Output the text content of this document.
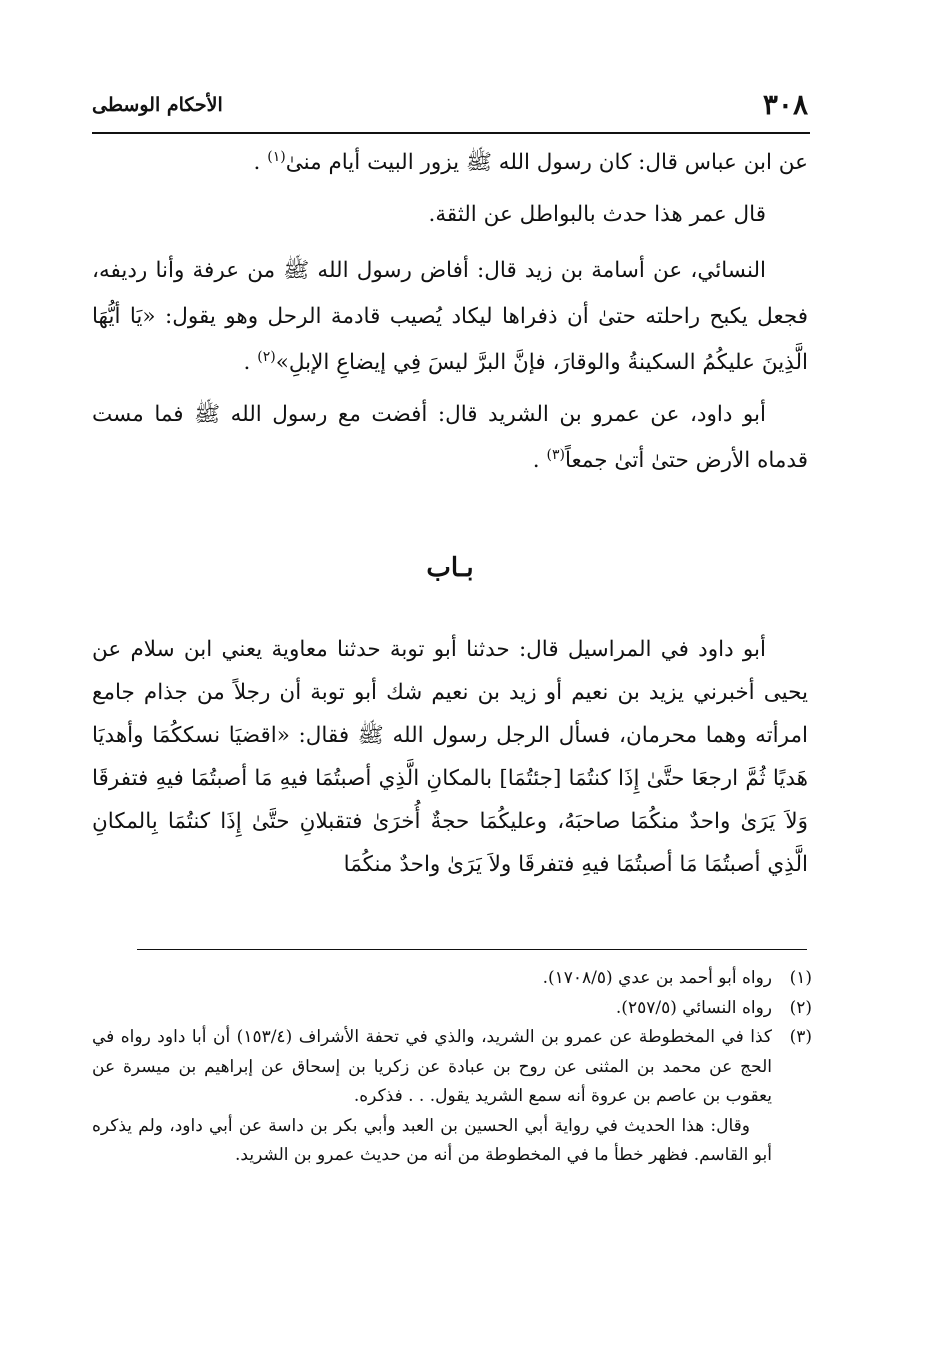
٣٠٨
الأحكام الوسطى

عن ابن عباس قال: كان رسول الله ﷺ يزور البيت أيام منىٰ$^{(١)}$ .

قال عمر هذا حدث بالبواطل عن الثقة.

النسائي، عن أسامة بن زيد قال: أفاض رسول الله ﷺ من عرفة وأنا رديفه، فجعل يكبح راحلته حتىٰ أن ذفراها ليكاد يُصيب قادمة الرحل وهو يقول: «يَا أيُّهَا الَّذِينَ عليكُمُ السكينةُ والوقارَ، فإنَّ البرَّ ليسَ فِي إيضاعِ الإبلِ»$^{(٢)}$ .

أبو داود، عن عمرو بن الشريد قال: أفضت مع رسول الله ﷺ فما مست قدماه الأرض حتىٰ أتىٰ جمعاً$^{(٣)}$ .

بـاب

أبو داود في المراسيل قال: حدثنا أبو توبة حدثنا معاوية يعني ابن سلام عن يحيى أخبرني يزيد بن نعيم أو زيد بن نعيم شك أبو توبة أن رجلاً من جذام جامع امرأته وهما محرمان، فسأل الرجل رسول الله ﷺ فقال: «اقضيَا نسككُمَا وأهديَا هَديًا ثُمَّ ارجعَا حتَّىٰ إِذَا كنتُمَا [جئتُمَا] بالمكانِ الَّذِي أصبتُمَا فيهِ مَا أصبتُمَا فيهِ فتفرقَا وَلاَ يَرَىٰ واحدٌ منكُمَا صاحبَهُ، وعليكُمَا حجةٌ أُخرَىٰ فتقبلانِ حتَّىٰ إِذَا كنتُمَا بِالمكانِ الَّذِي أصبتُمَا مَا أصبتُمَا فيهِ فتفرقَا ولاَ يَرَىٰ واحدٌ منكُمَا

(١)
رواه أبو أحمد بن عدي (١٧٠٨/٥).
(٢)
رواه النسائي (٢٥٧/٥).
(٣)
كذا في المخطوطة عن عمرو بن الشريد، والذي في تحفة الأشراف (١٥٣/٤) أن أبا داود رواه في الحج عن محمد بن المثنى عن روح بن عبادة عن زكريا بن إسحاق عن إبراهيم بن ميسرة عن يعقوب بن عاصم بن عروة أنه سمع الشريد يقول. . . فذكره.
وقال: هذا الحديث في رواية أبي الحسين بن العبد وأبي بكر بن داسة عن أبي داود، ولم يذكره أبو القاسم. فظهر خطأ ما في المخطوطة من أنه من حديث عمرو بن الشريد.
